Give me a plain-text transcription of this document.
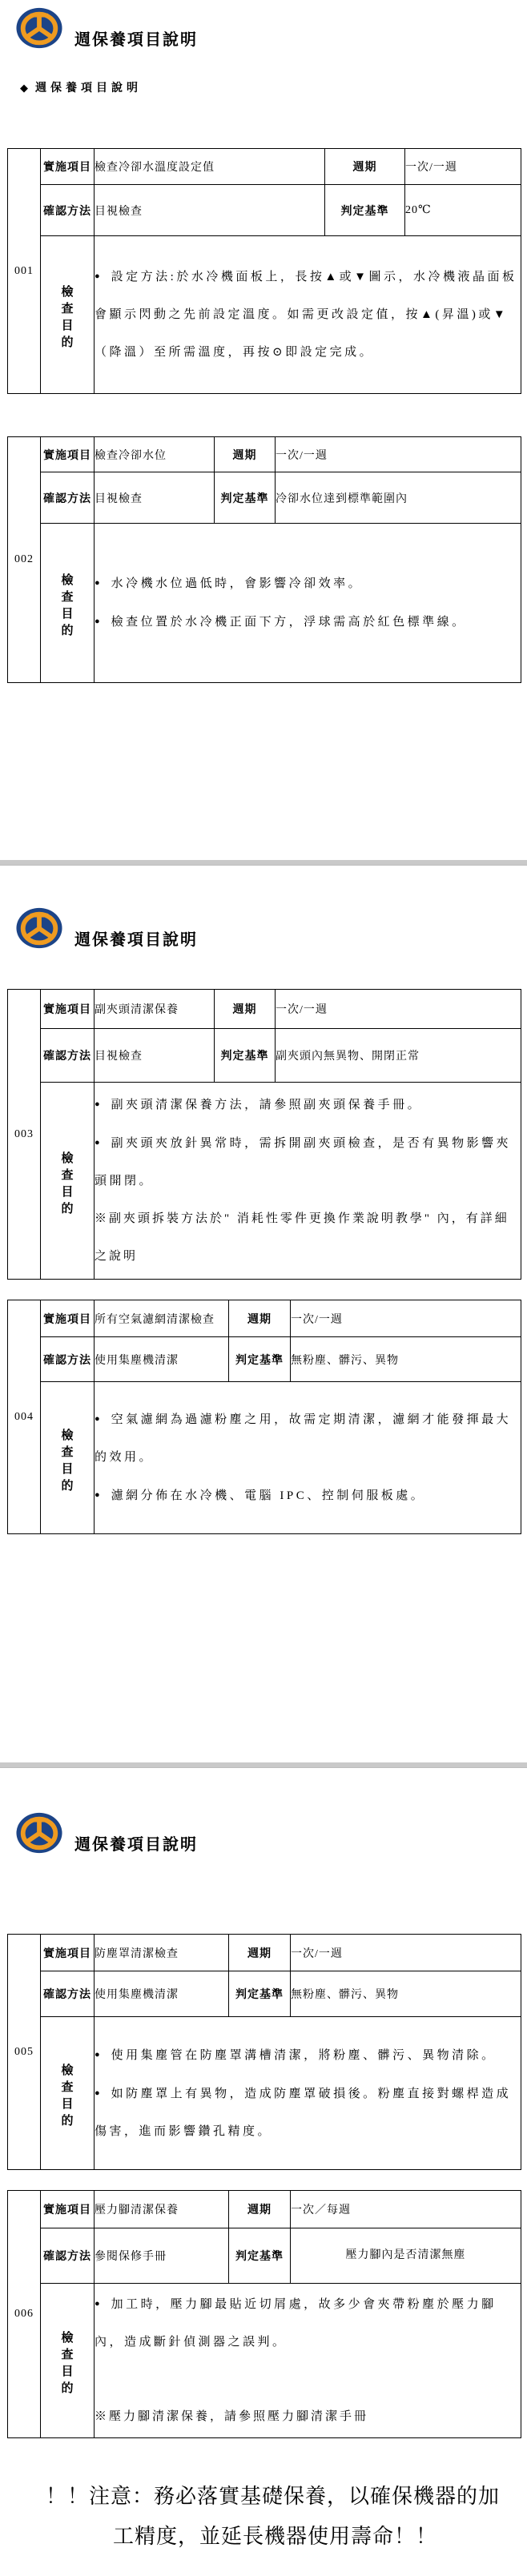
週保養項目說明
◆ 週保養項目說明
週保養項目說明
週保養項目說明
001	實施項目	檢查冷卻水溫度設定值	週期	一次/一週
	確認方法	目視檢查	判定基準	20℃

檢
查
目
的

● 設定方法:於水冷機面板上，長按▲或▼圖示，水冷機液晶面板會顯示閃動之先前設定溫度。如需更改設定值，按▲(昇溫)或▼（降溫）至所需溫度，再按⊙即設定完成。
002	實施項目	檢查冷卻水位	週期	一次/一週
	確認方法	目視檢查	判定基準	冷卻水位達到標準範圍內

檢
查
目
的

● 水冷機水位過低時，會影響冷卻效率。
● 檢查位置於水冷機正面下方，浮球需高於紅色標準線。
003	實施項目	副夾頭清潔保養	週期	一次/一週
	確認方法	目視檢查	判定基準	副夾頭內無異物、開閉正常

檢
查
目
的

● 副夾頭清潔保養方法，請參照副夾頭保養手冊。
● 副夾頭夾放針異常時，需拆開副夾頭檢查，是否有異物影響夾頭開閉。
※副夾頭拆裝方法於" 消耗性零件更換作業說明教學" 內，有詳細之說明
004	實施項目	所有空氣濾網清潔檢查	週期	一次/一週
	確認方法	使用集塵機清潔	判定基準	無粉塵、髒污、異物

檢
查
目
的

● 空氣濾網為過濾粉塵之用，故需定期清潔，濾網才能發揮最大的效用。
● 濾網分佈在水冷機、電腦 IPC、控制伺服板處。
005	實施項目	防塵罩清潔檢查	週期	一次/一週
	確認方法	使用集塵機清潔	判定基準	無粉塵、髒污、異物

檢
查
目
的

● 使用集塵管在防塵罩溝槽清潔，將粉塵、髒污、異物清除。
● 如防塵罩上有異物，造成防塵罩破損後。粉塵直接對螺桿造成傷害，進而影響鑽孔精度。
006	實施項目	壓力腳清潔保養	週期	一次／每週
	確認方法	參閱保修手冊	判定基準	壓力腳內是否清潔無塵

檢
查
目
的

● 加工時，壓力腳最貼近切屑處，故多少會夾帶粉塵於壓力腳內，造成斷針偵測器之誤判。
※壓力腳清潔保養，請參照壓力腳清潔手冊
！！注意：務必落實基礎保養，以確保機器的加
工精度，並延長機器使用壽命！！
